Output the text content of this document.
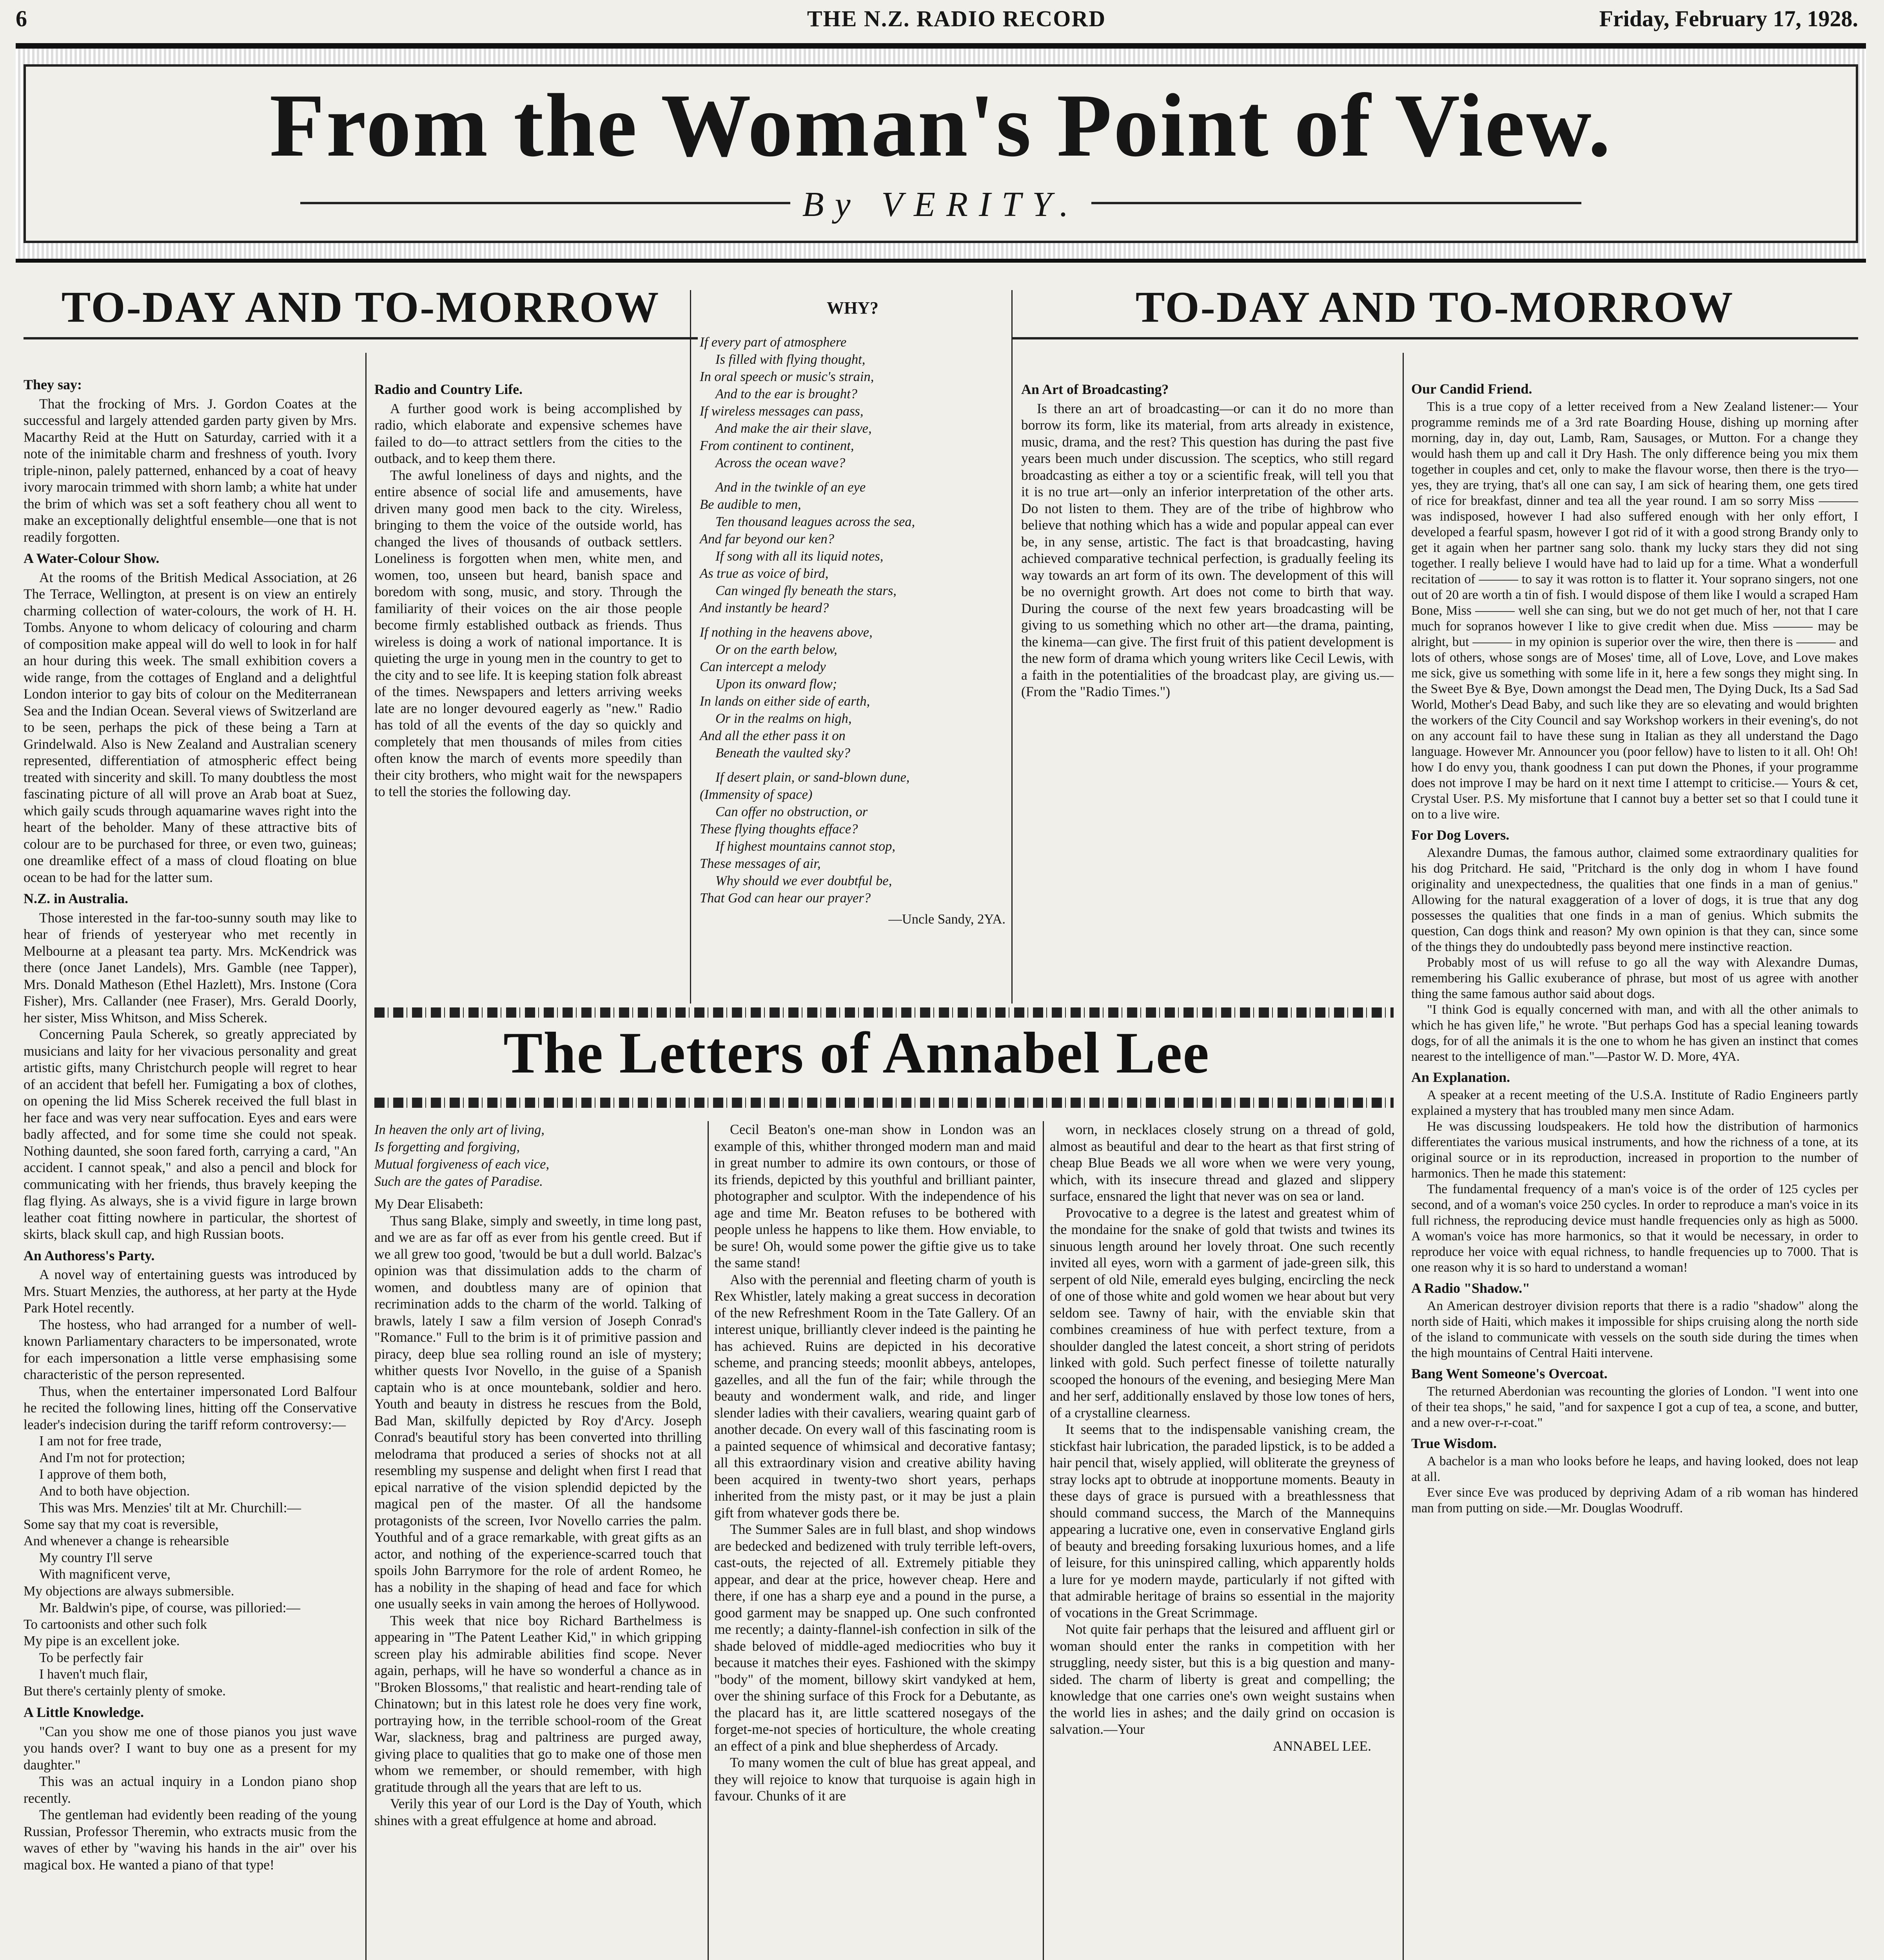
6	THE N.Z. RADIO RECORD	Friday, February 17, 1928.
From the Woman's Point of View.
By VERITY.
TO-DAY AND TO-MORROW	TO-DAY AND TO-MORROW
They say:

That the frocking of Mrs. J. Gordon Coates at the successful and largely attended garden party given by Mrs. Macarthy Reid at the Hutt on Saturday, carried with it a note of the inimitable charm and freshness of youth. Ivory triple-ninon, palely patterned, enhanced by a coat of heavy ivory marocain trimmed with shorn lamb; a white hat under the brim of which was set a soft feathery chou all went to make an exceptionally delightful ensemble—one that is not readily forgotten.

A Water-Colour Show.

At the rooms of the British Medical Association, at 26 The Terrace, Wellington, at present is on view an entirely charming collection of water-colours, the work of H. H. Tombs. Anyone to whom delicacy of colouring and charm of composition make appeal will do well to look in for half an hour during this week. The small exhibition covers a wide range, from the cottages of England and a delightful London interior to gay bits of colour on the Mediterranean Sea and the Indian Ocean. Several views of Switzerland are to be seen, perhaps the pick of these being a Tarn at Grindelwald. Also is New Zealand and Australian scenery represented, differentiation of atmospheric effect being treated with sincerity and skill. To many doubtless the most fascinating picture of all will prove an Arab boat at Suez, which gaily scuds through aquamarine waves right into the heart of the beholder. Many of these attractive bits of colour are to be purchased for three, or even two, guineas; one dreamlike effect of a mass of cloud floating on blue ocean to be had for the latter sum.

N.Z. in Australia.

Those interested in the far-too-sunny south may like to hear of friends of yesteryear who met recently in Melbourne at a pleasant tea party. Mrs. McKendrick was there (once Janet Landels), Mrs. Gamble (nee Tapper), Mrs. Donald Matheson (Ethel Hazlett), Mrs. Instone (Cora Fisher), Mrs. Callander (nee Fraser), Mrs. Gerald Doorly, her sister, Miss Whitson, and Miss Scherek.

Concerning Paula Scherek, so greatly appreciated by musicians and laity for her vivacious personality and great artistic gifts, many Christchurch people will regret to hear of an accident that befell her. Fumigating a box of clothes, on opening the lid Miss Scherek received the full blast in her face and was very near suffocation. Eyes and ears were badly affected, and for some time she could not speak. Nothing daunted, she soon fared forth, carrying a card, "An accident. I cannot speak," and also a pencil and block for communicating with her friends, thus bravely keeping the flag flying. As always, she is a vivid figure in large brown leather coat fitting nowhere in particular, the shortest of skirts, black skull cap, and high Russian boots.

An Authoress's Party.

A novel way of entertaining guests was introduced by Mrs. Stuart Menzies, the authoress, at her party at the Hyde Park Hotel recently.

The hostess, who had arranged for a number of well-known Parliamentary characters to be impersonated, wrote for each impersonation a little verse emphasising some characteristic of the person represented.

Thus, when the entertainer impersonated Lord Balfour he recited the following lines, hitting off the Conservative leader's indecision during the tariff reform controversy:—

I am not for free trade,
And I'm not for protection;
I approve of them both,
And to both have objection.

This was Mrs. Menzies' tilt at Mr. Churchill:—

Some say that my coat is reversible,
And whenever a change is rehearsible
My country I'll serve
With magnificent verve,
My objections are always submersible.

Mr. Baldwin's pipe, of course, was pilloried:—

To cartoonists and other such folk
My pipe is an excellent joke.
To be perfectly fair
I haven't much flair,
But there's certainly plenty of smoke.
A Little Knowledge.

"Can you show me one of those pianos you just wave you hands over? I want to buy one as a present for my daughter."

This was an actual inquiry in a London piano shop recently.

The gentleman had evidently been reading of the young Russian, Professor Theremin, who extracts music from the waves of ether by "waving his hands in the air" over his magical box. He wanted a piano of that type!

Radio and Country Life.

A further good work is being accomplished by radio, which elaborate and expensive schemes have failed to do—to attract settlers from the cities to the outback, and to keep them there.

The awful loneliness of days and nights, and the entire absence of social life and amusements, have driven many good men back to the city. Wireless, bringing to them the voice of the outside world, has changed the lives of thousands of outback settlers. Loneliness is forgotten when men, white men, and women, too, unseen but heard, banish space and boredom with song, music, and story. Through the familiarity of their voices on the air those people become firmly established outback as friends. Thus wireless is doing a work of national importance. It is quieting the urge in young men in the country to get to the city and to see life. It is keeping station folk abreast of the times. Newspapers and letters arriving weeks late are no longer devoured eagerly as "new." Radio has told of all the events of the day so quickly and completely that men thousands of miles from cities often know the march of events more speedily than their city brothers, who might wait for the newspapers to tell the stories the following day.

WHY?
If every part of atmosphere
Is filled with flying thought,
In oral speech or music's strain,
And to the ear is brought?
If wireless messages can pass,
And make the air their slave,
From continent to continent,
Across the ocean wave?
And in the twinkle of an eye
Be audible to men,
Ten thousand leagues across the sea,
And far beyond our ken?
If song with all its liquid notes,
As true as voice of bird,
Can winged fly beneath the stars,
And instantly be heard?
If nothing in the heavens above,
Or on the earth below,
Can intercept a melody
Upon its onward flow;
In lands on either side of earth,
Or in the realms on high,
And all the ether pass it on
Beneath the vaulted sky?
If desert plain, or sand-blown dune,
(Immensity of space)
Can offer no obstruction, or
These flying thoughts efface?
If highest mountains cannot stop,
These messages of air,
Why should we ever doubtful be,
That God can hear our prayer?
—Uncle Sandy, 2YA.
An Art of Broadcasting?

Is there an art of broadcasting—or can it do no more than borrow its form, like its material, from arts already in existence, music, drama, and the rest? This question has during the past five years been much under discussion. The sceptics, who still regard broadcasting as either a toy or a scientific freak, will tell you that it is no true art—only an inferior interpretation of the other arts. Do not listen to them. They are of the tribe of highbrow who believe that nothing which has a wide and popular appeal can ever be, in any sense, artistic. The fact is that broadcasting, having achieved comparative technical perfection, is gradually feeling its way towards an art form of its own. The development of this will be no overnight growth. Art does not come to birth that way. During the course of the next few years broadcasting will be giving to us something which no other art—the drama, painting, the kinema—can give. The first fruit of this patient development is the new form of drama which young writers like Cecil Lewis, with a faith in the potentialities of the broadcast play, are giving us.—(From the "Radio Times.")

Our Candid Friend.

This is a true copy of a letter received from a New Zealand listener:— Your programme reminds me of a 3rd rate Boarding House, dishing up morning after morning, day in, day out, Lamb, Ram, Sausages, or Mutton. For a change they would hash them up and call it Dry Hash. The only difference being you mix them together in couples and cet, only to make the flavour worse, then there is the tryo—yes, they are trying, that's all one can say, I am sick of hearing them, one gets tired of rice for breakfast, dinner and tea all the year round. I am so sorry Miss ——— was indisposed, however I had also suffered enough with her only effort, I developed a fearful spasm, however I got rid of it with a good strong Brandy only to get it again when her partner sang solo. thank my lucky stars they did not sing together. I really believe I would have had to laid up for a time. What a wonderfull recitation of ——— to say it was rotton is to flatter it. Your soprano singers, not one out of 20 are worth a tin of fish. I would dispose of them like I would a scraped Ham Bone, Miss ——— well she can sing, but we do not get much of her, not that I care much for sopranos however I like to give credit when due. Miss ——— may be alright, but ——— in my opinion is superior over the wire, then there is ——— and lots of others, whose songs are of Moses' time, all of Love, Love, and Love makes me sick, give us something with some life in it, here a few songs they might sing. In the Sweet Bye & Bye, Down amongst the Dead men, The Dying Duck, Its a Sad Sad World, Mother's Dead Baby, and such like they are so elevating and would brighten the workers of the City Council and say Workshop workers in their evening's, do not on any account fail to have these sung in Italian as they all understand the Dago language. However Mr. Announcer you (poor fellow) have to listen to it all. Oh! Oh! how I do envy you, thank goodness I can put down the Phones, if your programme does not improve I may be hard on it next time I attempt to criticise.— Yours & cet, Crystal User. P.S. My misfortune that I cannot buy a better set so that I could tune it on to a live wire.

For Dog Lovers.

Alexandre Dumas, the famous author, claimed some extraordinary qualities for his dog Pritchard. He said, "Pritchard is the only dog in whom I have found originality and unexpectedness, the qualities that one finds in a man of genius." Allowing for the natural exaggeration of a lover of dogs, it is true that any dog possesses the qualities that one finds in a man of genius. Which submits the question, Can dogs think and reason? My own opinion is that they can, since some of the things they do undoubtedly pass beyond mere instinctive reaction.

Probably most of us will refuse to go all the way with Alexandre Dumas, remembering his Gallic exuberance of phrase, but most of us agree with another thing the same famous author said about dogs.

"I think God is equally concerned with man, and with all the other animals to which he has given life," he wrote. "But perhaps God has a special leaning towards dogs, for of all the animals it is the one to whom he has given an instinct that comes nearest to the intelligence of man."—Pastor W. D. More, 4YA.

An Explanation.

A speaker at a recent meeting of the U.S.A. Institute of Radio Engineers partly explained a mystery that has troubled many men since Adam.

He was discussing loudspeakers. He told how the distribution of harmonics differentiates the various musical instruments, and how the richness of a tone, at its original source or in its reproduction, increased in proportion to the number of harmonics. Then he made this statement:

The fundamental frequency of a man's voice is of the order of 125 cycles per second, and of a woman's voice 250 cycles. In order to reproduce a man's voice in its full richness, the reproducing device must handle frequencies only as high as 5000. A woman's voice has more harmonics, so that it would be necessary, in order to reproduce her voice with equal richness, to handle frequencies up to 7000. That is one reason why it is so hard to understand a woman!

A Radio "Shadow."

An American destroyer division reports that there is a radio "shadow" along the north side of Haiti, which makes it impossible for ships cruising along the north side of the island to communicate with vessels on the south side during the times when the high mountains of Central Haiti intervene.

Bang Went Someone's Overcoat.

The returned Aberdonian was recounting the glories of London. "I went into one of their tea shops," he said, "and for saxpence I got a cup of tea, a scone, and butter, and a new over-r-r-coat."

True Wisdom.

A bachelor is a man who looks before he leaps, and having looked, does not leap at all.

Ever since Eve was produced by depriving Adam of a rib woman has hindered man from putting on side.—Mr. Douglas Woodruff.

The Letters of Annabel Lee
In heaven the only art of living,
Is forgetting and forgiving,
Mutual forgiveness of each vice,
Such are the gates of Paradise.
My Dear Elisabeth:

Thus sang Blake, simply and sweetly, in time long past, and we are as far off as ever from his gentle creed. But if we all grew too good, 'twould be but a dull world. Balzac's opinion was that dissimulation adds to the charm of women, and doubtless many are of opinion that recrimination adds to the charm of the world. Talking of brawls, lately I saw a film version of Joseph Conrad's "Romance." Full to the brim is it of primitive passion and piracy, deep blue sea rolling round an isle of mystery; whither quests Ivor Novello, in the guise of a Spanish captain who is at once mountebank, soldier and hero. Youth and beauty in distress he rescues from the Bold, Bad Man, skilfully depicted by Roy d'Arcy. Joseph Conrad's beautiful story has been converted into thrilling melodrama that produced a series of shocks not at all resembling my suspense and delight when first I read that epical narrative of the vision splendid depicted by the magical pen of the master. Of all the handsome protagonists of the screen, Ivor Novello carries the palm. Youthful and of a grace remarkable, with great gifts as an actor, and nothing of the experience-scarred touch that spoils John Barrymore for the role of ardent Romeo, he has a nobility in the shaping of head and face for which one usually seeks in vain among the heroes of Hollywood.

This week that nice boy Richard Barthelmess is appearing in "The Patent Leather Kid," in which gripping screen play his admirable abilities find scope. Never again, perhaps, will he have so wonderful a chance as in "Broken Blossoms," that realistic and heart-rending tale of Chinatown; but in this latest role he does very fine work, portraying how, in the terrible school-room of the Great War, slackness, brag and paltriness are purged away, giving place to qualities that go to make one of those men whom we remember, or should remember, with high gratitude through all the years that are left to us.

Verily this year of our Lord is the Day of Youth, which shines with a great effulgence at home and abroad.

Cecil Beaton's one-man show in London was an example of this, whither thronged modern man and maid in great number to admire its own contours, or those of its friends, depicted by this youthful and brilliant painter, photographer and sculptor. With the independence of his age and time Mr. Beaton refuses to be bothered with people unless he happens to like them. How enviable, to be sure! Oh, would some power the giftie give us to take the same stand!

Also with the perennial and fleeting charm of youth is Rex Whistler, lately making a great success in decoration of the new Refreshment Room in the Tate Gallery. Of an interest unique, brilliantly clever indeed is the painting he has achieved. Ruins are depicted in his decorative scheme, and prancing steeds; moonlit abbeys, antelopes, gazelles, and all the fun of the fair; while through the beauty and wonderment walk, and ride, and linger slender ladies with their cavaliers, wearing quaint garb of another decade. On every wall of this fascinating room is a painted sequence of whimsical and decorative fantasy; all this extraordinary vision and creative ability having been acquired in twenty-two short years, perhaps inherited from the misty past, or it may be just a plain gift from whatever gods there be.

The Summer Sales are in full blast, and shop windows are bedecked and bedizened with truly terrible left-overs, cast-outs, the rejected of all. Extremely pitiable they appear, and dear at the price, however cheap. Here and there, if one has a sharp eye and a pound in the purse, a good garment may be snapped up. One such confronted me recently; a dainty-flannel-ish confection in silk of the shade beloved of middle-aged mediocrities who buy it because it matches their eyes. Fashioned with the skimpy "body" of the moment, billowy skirt vandyked at hem, over the shining surface of this Frock for a Debutante, as the placard has it, are little scattered nosegays of the forget-me-not species of horticulture, the whole creating an effect of a pink and blue shepherdess of Arcady.

To many women the cult of blue has great appeal, and they will rejoice to know that turquoise is again high in favour. Chunks of it are

worn, in necklaces closely strung on a thread of gold, almost as beautiful and dear to the heart as that first string of cheap Blue Beads we all wore when we were very young, which, with its insecure thread and glazed and slippery surface, ensnared the light that never was on sea or land.

Provocative to a degree is the latest and greatest whim of the mondaine for the snake of gold that twists and twines its sinuous length around her lovely throat. One such recently invited all eyes, worn with a garment of jade-green silk, this serpent of old Nile, emerald eyes bulging, encircling the neck of one of those white and gold women we hear about but very seldom see. Tawny of hair, with the enviable skin that combines creaminess of hue with perfect texture, from a shoulder dangled the latest conceit, a short string of peridots linked with gold. Such perfect finesse of toilette naturally scooped the honours of the evening, and besieging Mere Man and her serf, additionally enslaved by those low tones of hers, of a crystalline clearness.

It seems that to the indispensable vanishing cream, the stickfast hair lubrication, the paraded lipstick, is to be added a hair pencil that, wisely applied, will obliterate the greyness of stray locks apt to obtrude at inopportune moments. Beauty in these days of grace is pursued with a breathlessness that should command success, the March of the Mannequins appearing a lucrative one, even in conservative England girls of beauty and breeding forsaking luxurious homes, and a life of leisure, for this uninspired calling, which apparently holds a lure for ye modern mayde, particularly if not gifted with that admirable heritage of brains so essential in the majority of vocations in the Great Scrimmage.

Not quite fair perhaps that the leisured and affluent girl or woman should enter the ranks in competition with her struggling, needy sister, but this is a big question and many-sided. The charm of liberty is great and compelling; the knowledge that one carries one's own weight sustains when the world lies in ashes; and the daily grind on occasion is salvation.—Your

ANNABEL LEE.
